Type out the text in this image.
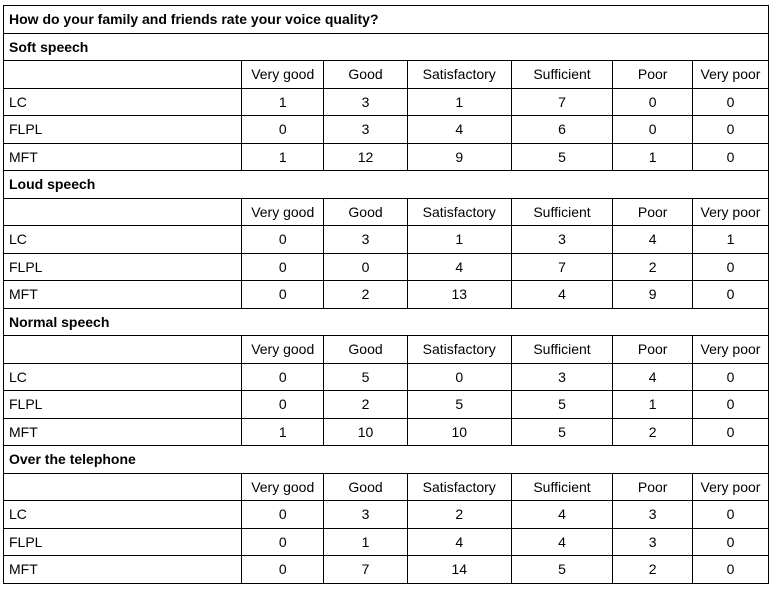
How do your family and friends rate your voice quality?						
Soft speech						
	Very good	Good	Satisfactory	Sufficient	Poor	Very poor
LC	1	3	1	7	0	0
FLPL	0	3	4	6	0	0
MFT	1	12	9	5	1	0
Loud speech						
	Very good	Good	Satisfactory	Sufficient	Poor	Very poor
LC	0	3	1	3	4	1
FLPL	0	0	4	7	2	0
MFT	0	2	13	4	9	0
Normal speech						
	Very good	Good	Satisfactory	Sufficient	Poor	Very poor
LC	0	5	0	3	4	0
FLPL	0	2	5	5	1	0
MFT	1	10	10	5	2	0
Over the telephone						
	Very good	Good	Satisfactory	Sufficient	Poor	Very poor
LC	0	3	2	4	3	0
FLPL	0	1	4	4	3	0
MFT	0	7	14	5	2	0
